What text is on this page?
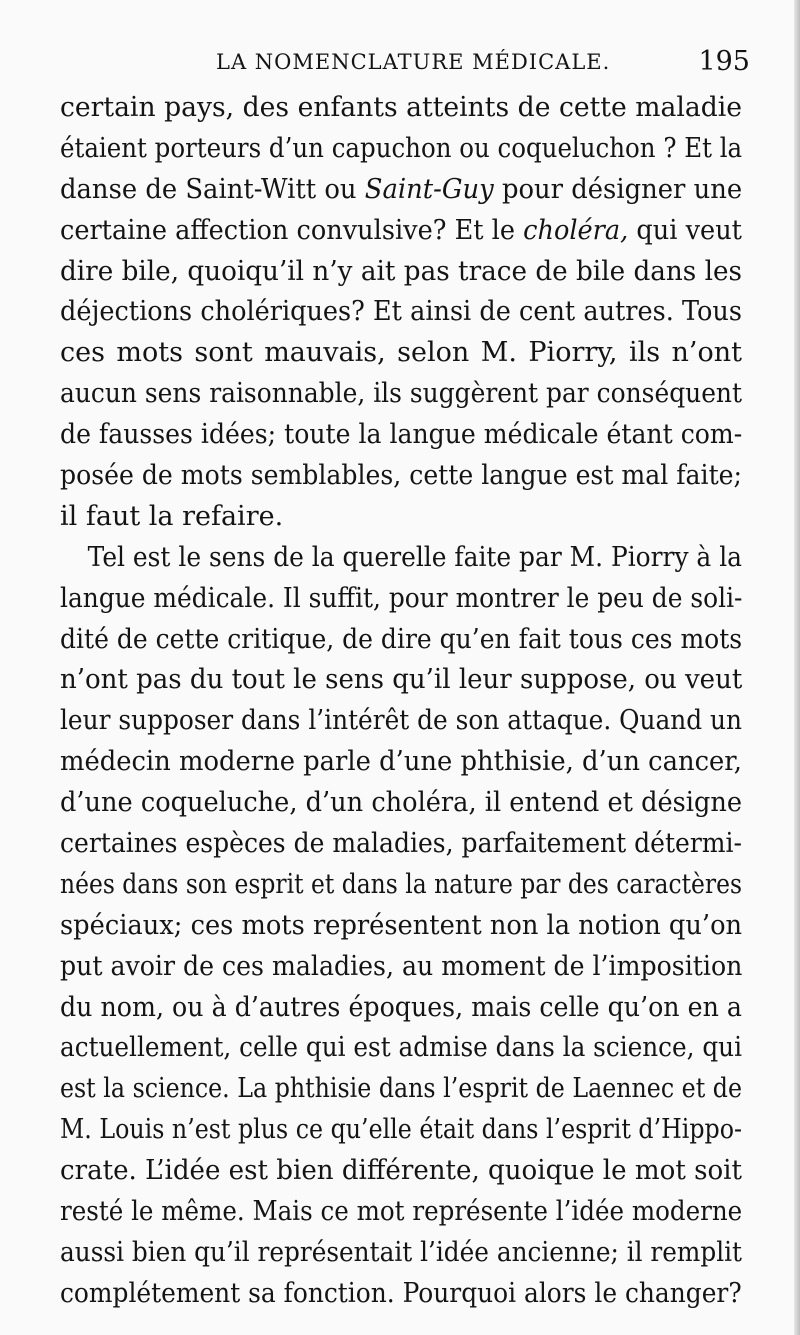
LA NOMENCLATURE MÉDICALE.	195
certain pays, des enfants atteints de cette maladie
étaient porteurs d’un capuchon ou coqueluchon ? Et la
danse de Saint-Witt ou Saint-Guy pour désigner une
certaine affection convulsive? Et le choléra, qui veut
dire bile, quoiqu’il n’y ait pas trace de bile dans les
déjections cholériques? Et ainsi de cent autres. Tous
ces mots sont mauvais, selon M. Piorry, ils n’ont
aucun sens raisonnable, ils suggèrent par conséquent
de fausses idées; toute la langue médicale étant com-
posée de mots semblables, cette langue est mal faite;
il faut la refaire.
Tel est le sens de la querelle faite par M. Piorry à la
langue médicale. Il suffit, pour montrer le peu de soli-
dité de cette critique, de dire qu’en fait tous ces mots
n’ont pas du tout le sens qu’il leur suppose, ou veut
leur supposer dans l’intérêt de son attaque. Quand un
médecin moderne parle d’une phthisie, d’un cancer,
d’une coqueluche, d’un choléra, il entend et désigne
certaines espèces de maladies, parfaitement détermi-
nées dans son esprit et dans la nature par des caractères
spéciaux; ces mots représentent non la notion qu’on
put avoir de ces maladies, au moment de l’imposition
du nom, ou à d’autres époques, mais celle qu’on en a
actuellement, celle qui est admise dans la science, qui
est la science. La phthisie dans l’esprit de Laennec et de
M. Louis n’est plus ce qu’elle était dans l’esprit d’Hippo-
crate. L’idée est bien différente, quoique le mot soit
resté le même. Mais ce mot représente l’idée moderne
aussi bien qu’il représentait l’idée ancienne; il remplit
complétement sa fonction. Pourquoi alors le changer?
